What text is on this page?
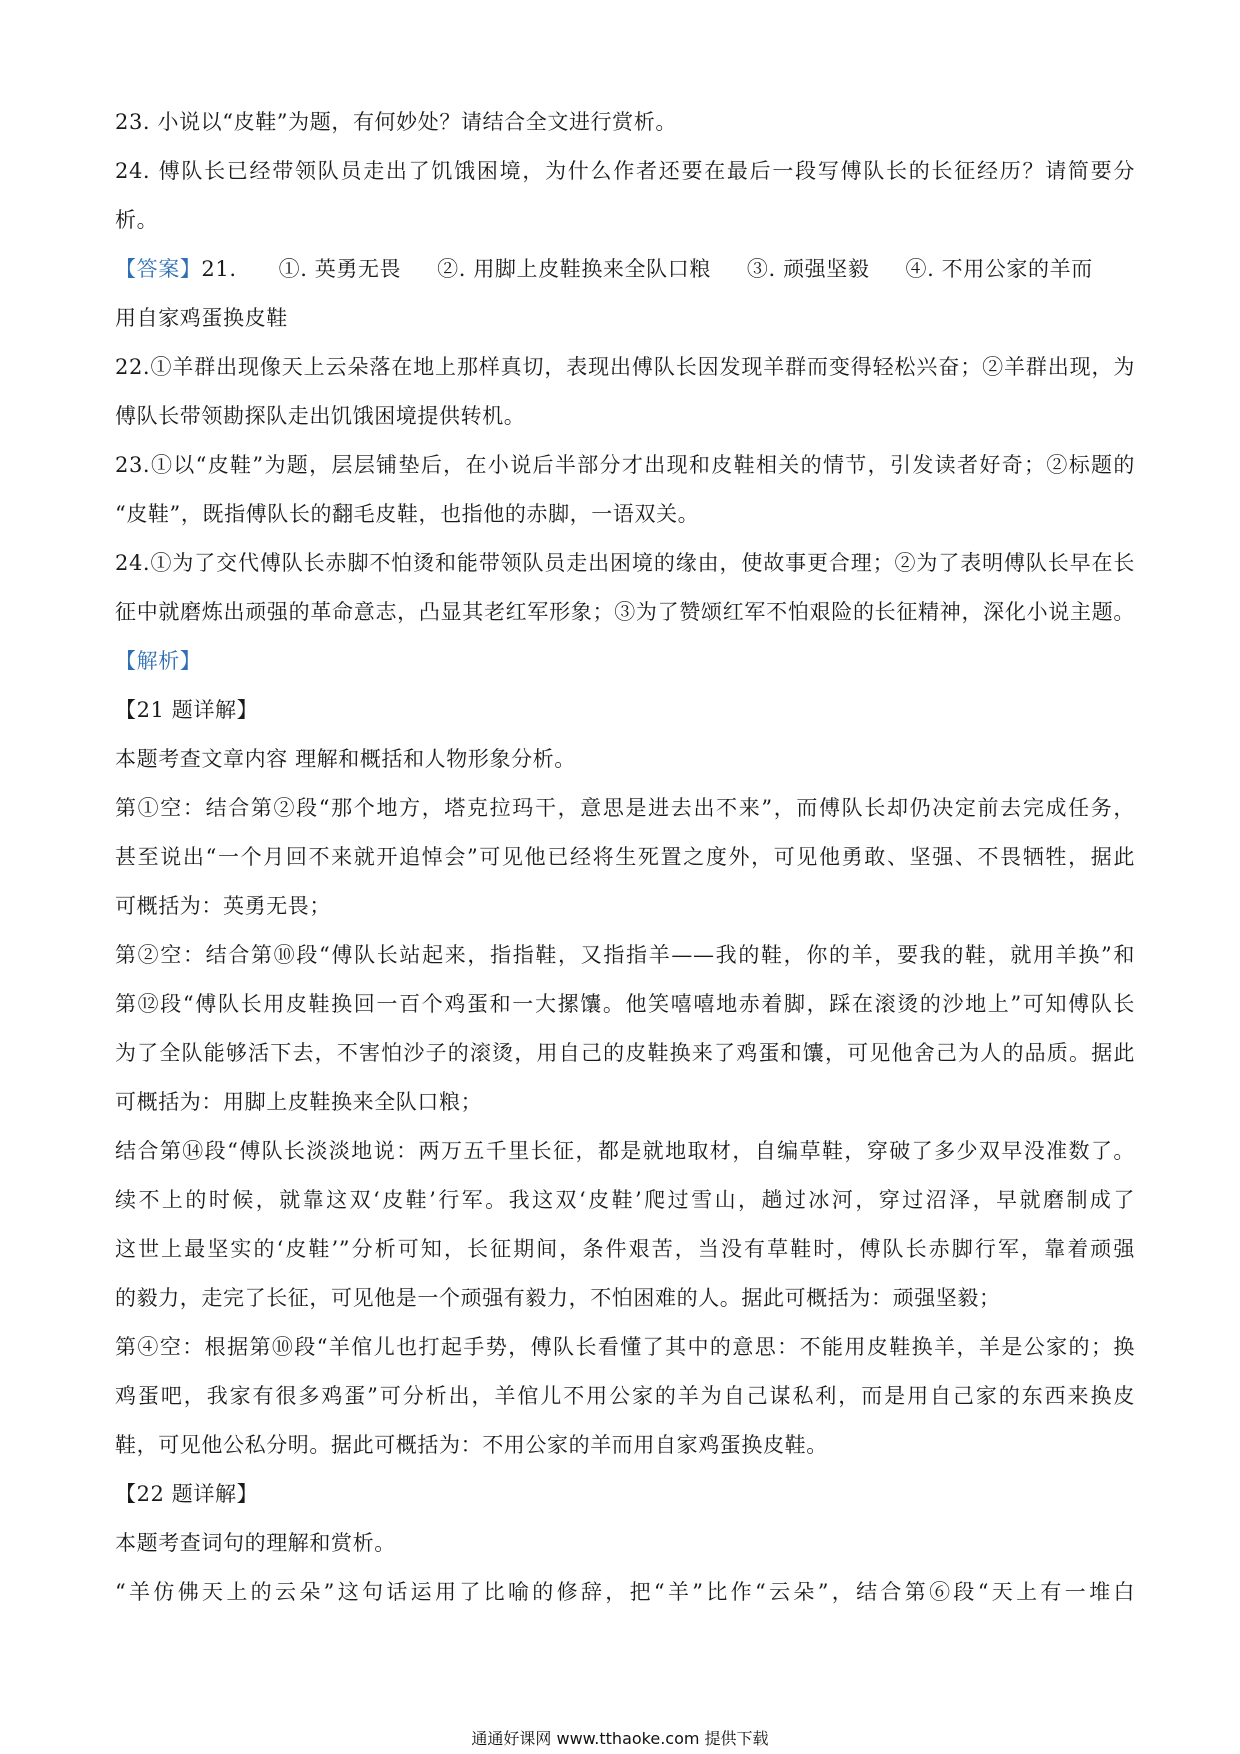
23. 小说以“皮鞋”为题，有何妙处？请结合全文进行赏析。
24. 傅队长已经带领队员走出了饥饿困境，为什么作者还要在最后一段写傅队长的长征经历？请简要分
析。
【答案】21. ①. 英勇无畏 ②. 用脚上皮鞋换来全队口粮 ③. 顽强坚毅 ④. 不用公家的羊而
用自家鸡蛋换皮鞋
22.①羊群出现像天上云朵落在地上那样真切，表现出傅队长因发现羊群而变得轻松兴奋；②羊群出现，为
傅队长带领勘探队走出饥饿困境提供转机。
23.①以“皮鞋”为题，层层铺垫后，在小说后半部分才出现和皮鞋相关的情节，引发读者好奇；②标题的
“皮鞋”，既指傅队长的翻毛皮鞋，也指他的赤脚，一语双关。
24.①为了交代傅队长赤脚不怕烫和能带领队员走出困境的缘由，使故事更合理；②为了表明傅队长早在长
征中就磨炼出顽强的革命意志，凸显其老红军形象；③为了赞颂红军不怕艰险的长征精神，深化小说主题。
【解析】
【21 题详解】
本题考查文章内容 理解和概括和人物形象分析。
第①空：结合第②段“那个地方，塔克拉玛干，意思是进去出不来”，而傅队长却仍决定前去完成任务，
甚至说出“一个月回不来就开追悼会”可见他已经将生死置之度外，可见他勇敢、坚强、不畏牺牲，据此
可概括为：英勇无畏；
第②空：结合第⑩段“傅队长站起来，指指鞋，又指指羊——我的鞋，你的羊，要我的鞋，就用羊换”和
第⑫段“傅队长用皮鞋换回一百个鸡蛋和一大摞馕。他笑嘻嘻地赤着脚，踩在滚烫的沙地上”可知傅队长
为了全队能够活下去，不害怕沙子的滚烫，用自己的皮鞋换来了鸡蛋和馕，可见他舍己为人的品质。据此
可概括为：用脚上皮鞋换来全队口粮；
结合第⑭段“傅队长淡淡地说：两万五千里长征，都是就地取材，自编草鞋，穿破了多少双早没准数了。
续不上的时候，就靠这双‘皮鞋’行军。我这双‘皮鞋’爬过雪山，趟过冰河，穿过沼泽，早就磨制成了
这世上最坚实的‘皮鞋’”分析可知，长征期间，条件艰苦，当没有草鞋时，傅队长赤脚行军，靠着顽强
的毅力，走完了长征，可见他是一个顽强有毅力，不怕困难的人。据此可概括为：顽强坚毅；
第④空：根据第⑩段“羊倌儿也打起手势，傅队长看懂了其中的意思：不能用皮鞋换羊，羊是公家的；换
鸡蛋吧，我家有很多鸡蛋”可分析出，羊倌儿不用公家的羊为自己谋私利，而是用自己家的东西来换皮
鞋，可见他公私分明。据此可概括为：不用公家的羊而用自家鸡蛋换皮鞋。
【22 题详解】
本题考查词句的理解和赏析。
“羊仿佛天上的云朵”这句话运用了比喻的修辞，把“羊”比作“云朵”，结合第⑥段“天上有一堆白
通通好课网 www.tthaoke.com 提供下载
